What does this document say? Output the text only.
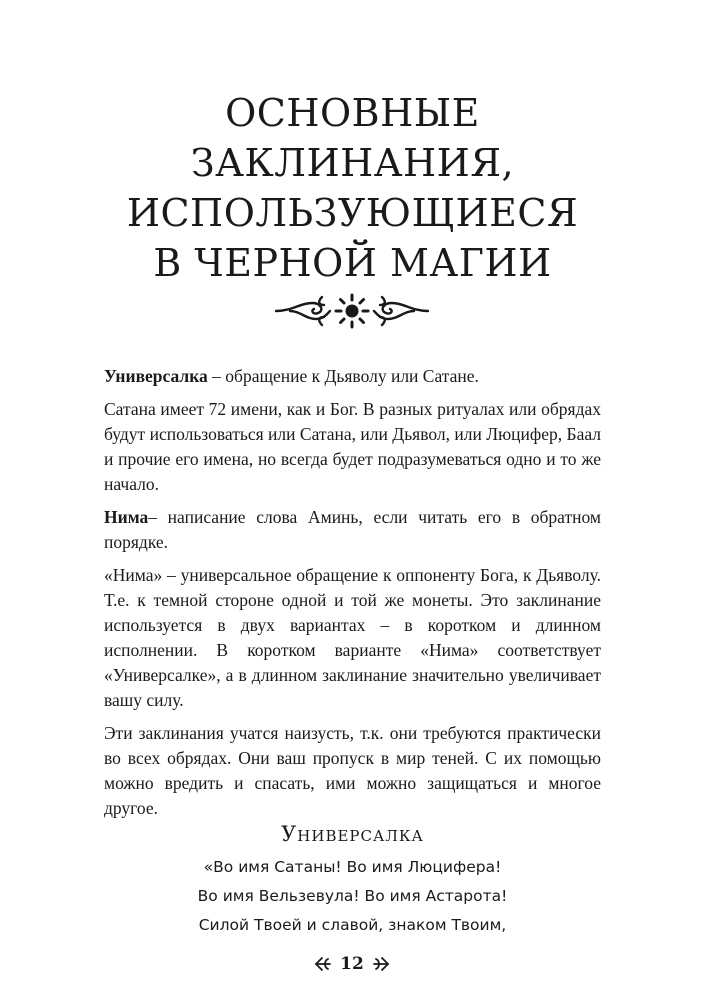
ОСНОВНЫЕ
ЗАКЛИНАНИЯ,
ИСПОЛЬЗУЮЩИЕСЯ
В ЧЕРНОЙ МАГИИ

Универсалка – обращение к Дьяволу или Сатане.

Сатана имеет 72 имени, как и Бог. В разных ритуалах или обрядах будут использоваться или Сатана, или Дьявол, или Люцифер, Баал и прочие его имена, но всегда будет подразумеваться одно и то же начало.

Нима– написание слова Аминь, если читать его в обратном порядке.

«Нима» – универсальное обращение к оппоненту Бога, к Дьяволу. Т.е. к темной стороне одной и той же монеты. Это заклинание используется в двух вариантах – в коротком и длинном исполнении. В коротком варианте «Нима» соответствует «Универсалке», а в длинном заклинание значительно увеличивает вашу силу.

Эти заклинания учатся наизусть, т.к. они требуются практически во всех обрядах. Они ваш пропуск в мир теней. С их помощью можно вредить и спасать, ими можно защищаться и многое другое.

Универсалка
«Во имя Сатаны! Во имя Люцифера!
Во имя Вельзевула! Во имя Астарота!
Силой Твоей и славой, знаком Твоим,
12
